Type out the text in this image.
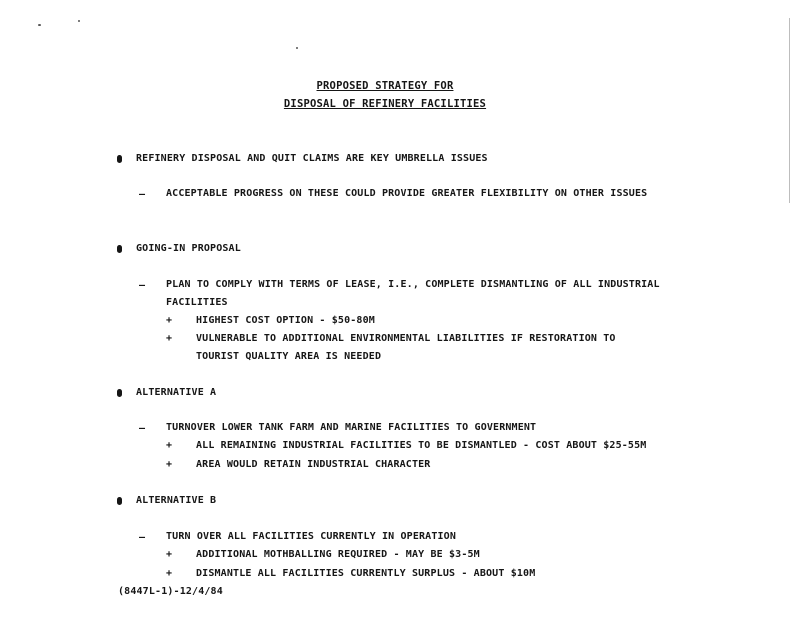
PROPOSED STRATEGY FOR
DISPOSAL OF REFINERY FACILITIES
REFINERY DISPOSAL AND QUIT CLAIMS ARE KEY UMBRELLA ISSUES
– ACCEPTABLE PROGRESS ON THESE COULD PROVIDE GREATER FLEXIBILITY ON OTHER ISSUES
GOING-IN PROPOSAL
– PLAN TO COMPLY WITH TERMS OF LEASE, I.E., COMPLETE DISMANTLING OF ALL INDUSTRIAL
FACILITIES
+ HIGHEST COST OPTION - $50-80M
+ VULNERABLE TO ADDITIONAL ENVIRONMENTAL LIABILITIES IF RESTORATION TO
TOURIST QUALITY AREA IS NEEDED
ALTERNATIVE A
– TURNOVER LOWER TANK FARM AND MARINE FACILITIES TO GOVERNMENT
+ ALL REMAINING INDUSTRIAL FACILITIES TO BE DISMANTLED - COST ABOUT $25-55M
+ AREA WOULD RETAIN INDUSTRIAL CHARACTER
ALTERNATIVE B
– TURN OVER ALL FACILITIES CURRENTLY IN OPERATION
+ ADDITIONAL MOTHBALLING REQUIRED - MAY BE $3-5M
+ DISMANTLE ALL FACILITIES CURRENTLY SURPLUS - ABOUT $10M
(8447L-1)-12/4/84
